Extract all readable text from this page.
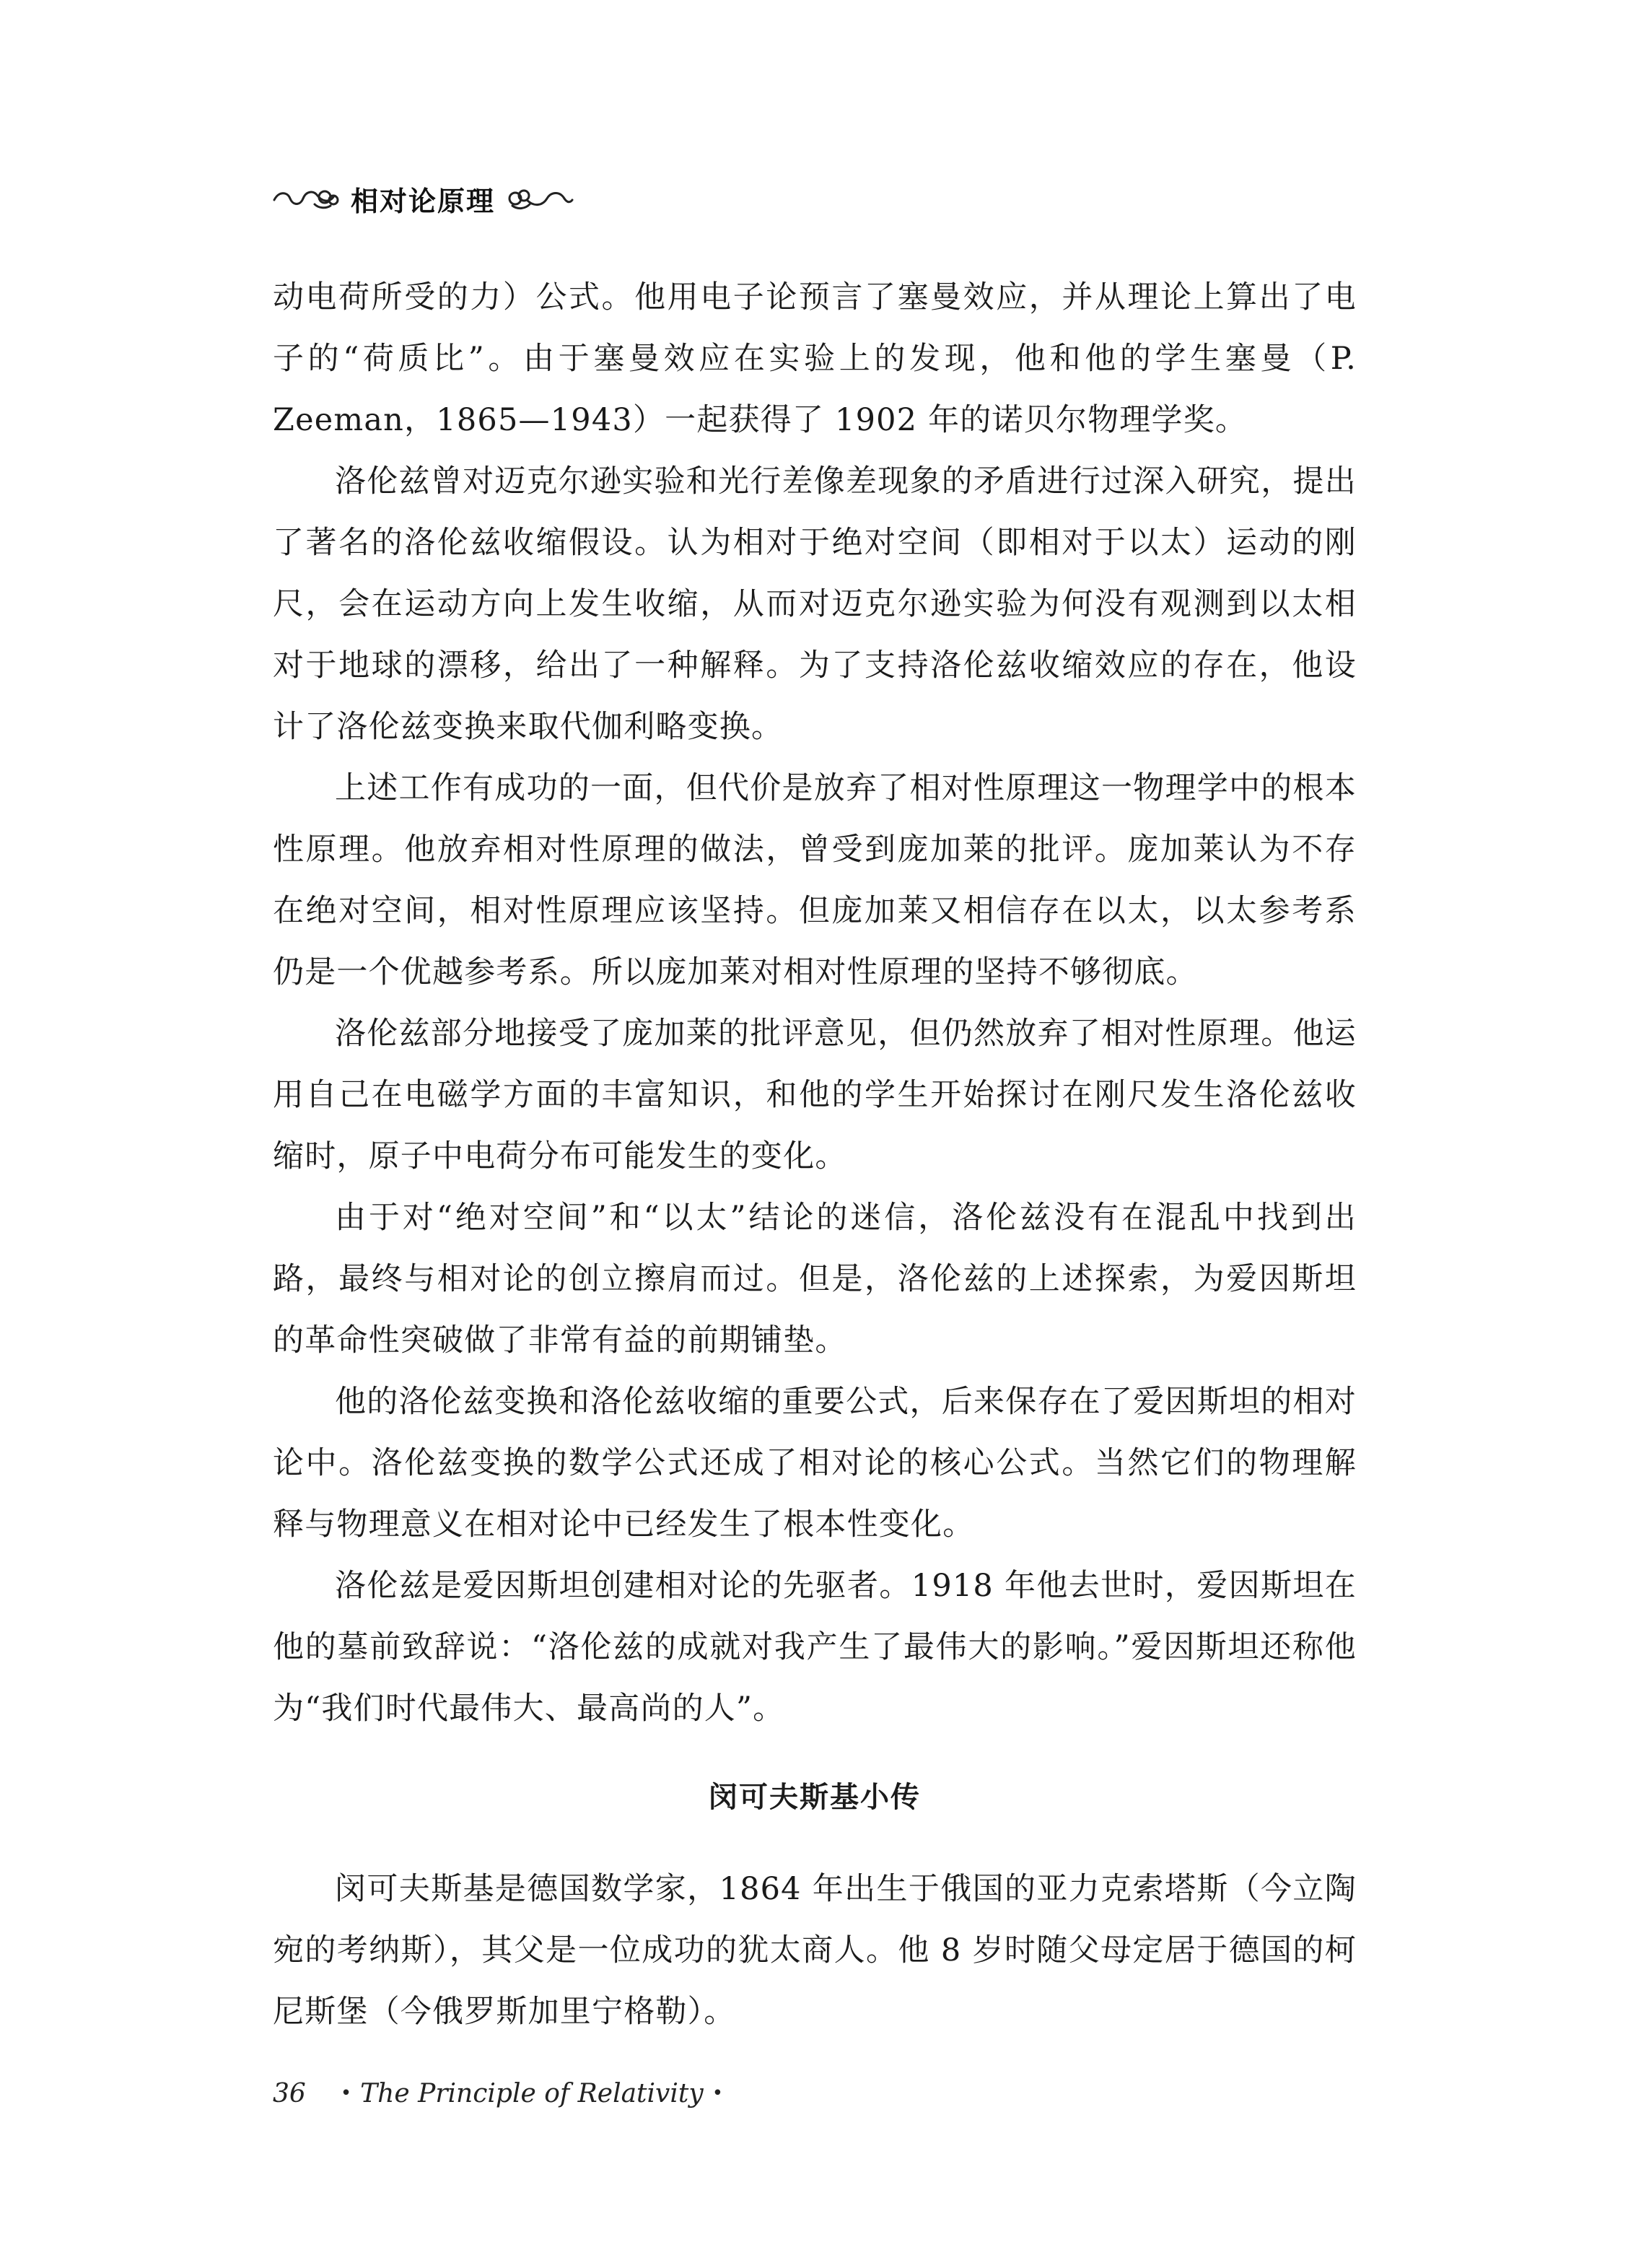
相对论原理

动电荷所受的力）公式。他用电子论预言了塞曼效应，并从理论上算出了电子的“荷质比”。由于塞曼效应在实验上的发现，他和他的学生塞曼（P. Zeeman，1865—1943）一起获得了 1902 年的诺贝尔物理学奖。

洛伦兹曾对迈克尔逊实验和光行差像差现象的矛盾进行过深入研究，提出了著名的洛伦兹收缩假设。认为相对于绝对空间（即相对于以太）运动的刚尺，会在运动方向上发生收缩，从而对迈克尔逊实验为何没有观测到以太相对于地球的漂移，给出了一种解释。为了支持洛伦兹收缩效应的存在，他设计了洛伦兹变换来取代伽利略变换。

上述工作有成功的一面，但代价是放弃了相对性原理这一物理学中的根本性原理。他放弃相对性原理的做法，曾受到庞加莱的批评。庞加莱认为不存在绝对空间，相对性原理应该坚持。但庞加莱又相信存在以太，以太参考系仍是一个优越参考系。所以庞加莱对相对性原理的坚持不够彻底。

洛伦兹部分地接受了庞加莱的批评意见，但仍然放弃了相对性原理。他运用自己在电磁学方面的丰富知识，和他的学生开始探讨在刚尺发生洛伦兹收缩时，原子中电荷分布可能发生的变化。

由于对“绝对空间”和“以太”结论的迷信，洛伦兹没有在混乱中找到出路，最终与相对论的创立擦肩而过。但是，洛伦兹的上述探索，为爱因斯坦的革命性突破做了非常有益的前期铺垫。

他的洛伦兹变换和洛伦兹收缩的重要公式，后来保存在了爱因斯坦的相对论中。洛伦兹变换的数学公式还成了相对论的核心公式。当然它们的物理解释与物理意义在相对论中已经发生了根本性变化。

洛伦兹是爱因斯坦创建相对论的先驱者。1918 年他去世时，爱因斯坦在他的墓前致辞说：“洛伦兹的成就对我产生了最伟大的影响。”爱因斯坦还称他为“我们时代最伟大、最高尚的人”。

闵可夫斯基小传

闵可夫斯基是德国数学家，1864 年出生于俄国的亚力克索塔斯（今立陶宛的考纳斯），其父是一位成功的犹太商人。他 8 岁时随父母定居于德国的柯尼斯堡（今俄罗斯加里宁格勒）。

36 • The Principle of Relativity •
